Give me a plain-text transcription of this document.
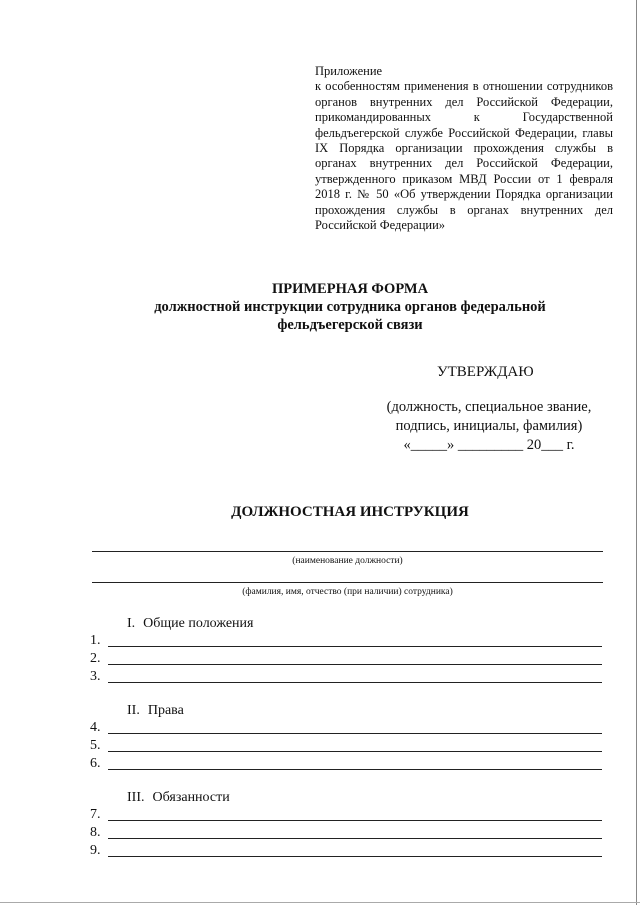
Приложение
к особенностям применения в отношении сотрудников органов внутренних дел Российской Федерации, прикомандированных к Государственной фельдъегерской службе Российской Федерации, главы IX Порядка организации прохождения службы в органах внутренних дел Российской Федерации, утвержденного приказом МВД России от 1 февраля 2018 г. № 50 «Об утверждении Порядка организации прохождения службы в органах внутренних дел Российской Федерации»
ПРИМЕРНАЯ ФОРМА
должностной инструкции сотрудника органов федеральной
фельдъегерской связи
УТВЕРЖДАЮ
(должность, специальное звание,
подпись, инициалы, фамилия)
«_____» _________ 20___ г.
ДОЛЖНОСТНАЯ ИНСТРУКЦИЯ
(наименование должности)
(фамилия, имя, отчество (при наличии) сотрудника)
I. Общие положения
1.
2.
3.
II. Права
4.
5.
6.
III. Обязанности
7.
8.
9.
